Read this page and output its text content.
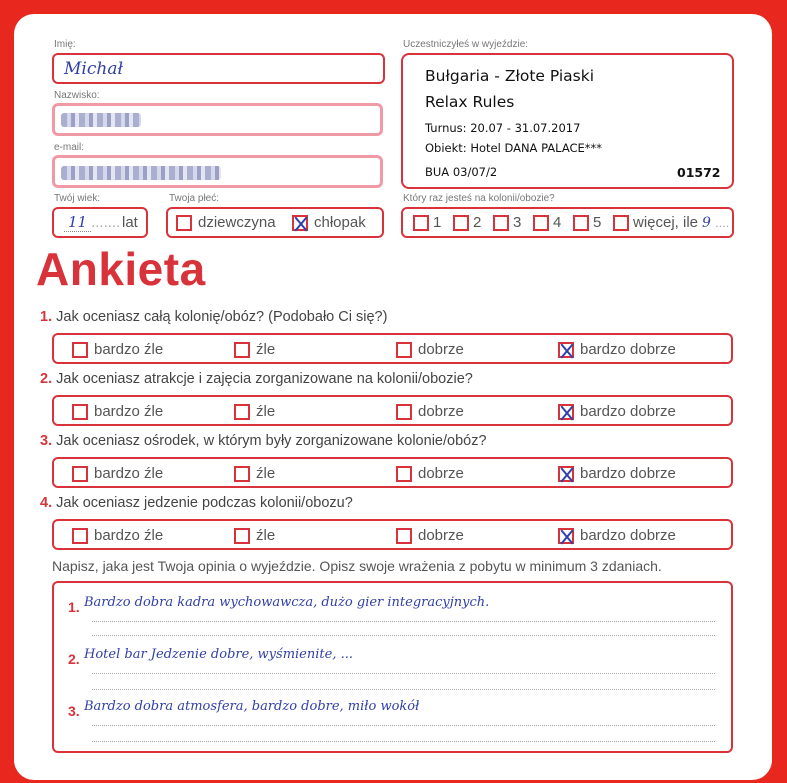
Imię:
Michał
Nazwisko:
e-mail:
Twój wiek:
11 ....... lat
Twoja płeć:
dziewczyna	chłopak
Uczestniczyłeś w wyjeździe:
Bułgaria - Złote Piaski
Relax Rules
Turnus: 20.07 - 31.07.2017
Obiekt: Hotel DANA PALACE***
BUA 03/07/2	01572
Który raz jesteś na kolonii/obozie?
1 2 3 4 5 więcej, ile 9 ....
Ankieta
1. Jak oceniasz całą kolonię/obóz? (Podobało Ci się?)
bardzo źle	źle	dobrze	bardzo dobrze
2. Jak oceniasz atrakcje i zajęcia zorganizowane na kolonii/obozie?
bardzo źle	źle	dobrze	bardzo dobrze
3. Jak oceniasz ośrodek, w którym były zorganizowane kolonie/obóz?
bardzo źle	źle	dobrze	bardzo dobrze
4. Jak oceniasz jedzenie podczas kolonii/obozu?
bardzo źle	źle	dobrze	bardzo dobrze
Napisz, jaka jest Twoja opinia o wyjeździe. Opisz swoje wrażenia z pobytu w minimum 3 zdaniach.
1. Bardzo dobra kadra wychowawcza, dużo gier integracyjnych.
2. Hotel bar Jedzenie dobre, wyśmienite, ...
3. Bardzo dobra atmosfera, bardzo dobre, miło wokół
